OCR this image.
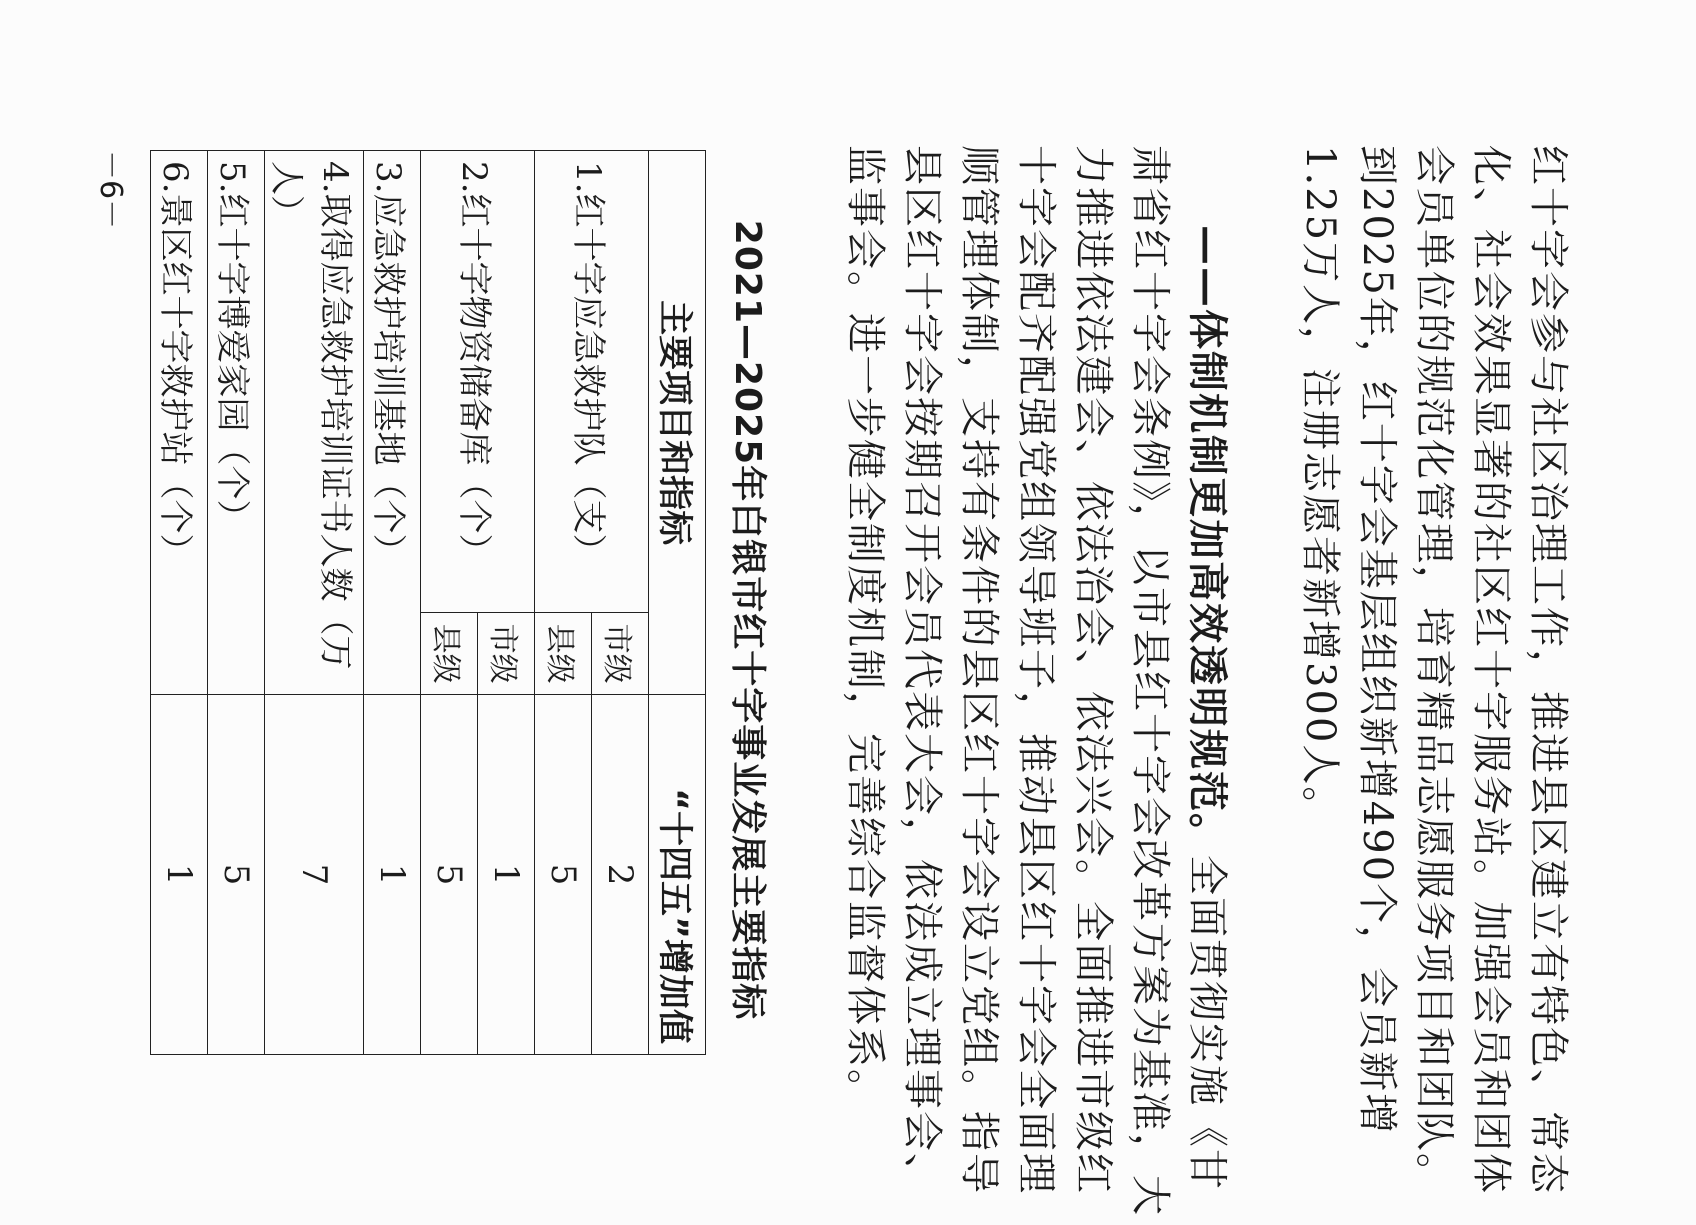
红十字会参与社区治理工作，推进县区建立有特色、常态化、社会效果显著的社区红十字服务站。加强会员和团体会员单位的规范化管理，培育精品志愿服务项目和团队。到2025年，红十字会基层组织新增490个，会员新增1.25万人，注册志愿者新增300人。

——体制机制更加高效透明规范。全面贯彻实施《甘肃省红十字会条例》，以市县红十字会改革方案为基准，大力推进依法建会、依法治会、依法兴会。全面推进市级红十字会配齐配强党组领导班子，推动县区红十字会全面理顺管理体制，支持有条件的县区红十字会设立党组。指导县区红十字会按期召开会员代表大会，依法成立理事会、监事会。进一步健全制度机制，完善综合监督体系。

2021—2025年白银市红十字事业发展主要指标

主要项目和指标		“十四五”增加值
1.红十字应急救护队（支）	市级	2
	县级	5
2.红十字物资储备库（个）	市级	1
	县级	5
3.应急救护培训基地（个）		1
4.取得应急救护培训证书人数（万人）		7
5.红十字博爱家园（个）		5
6.景区红十字救护站（个）		1

－6－
